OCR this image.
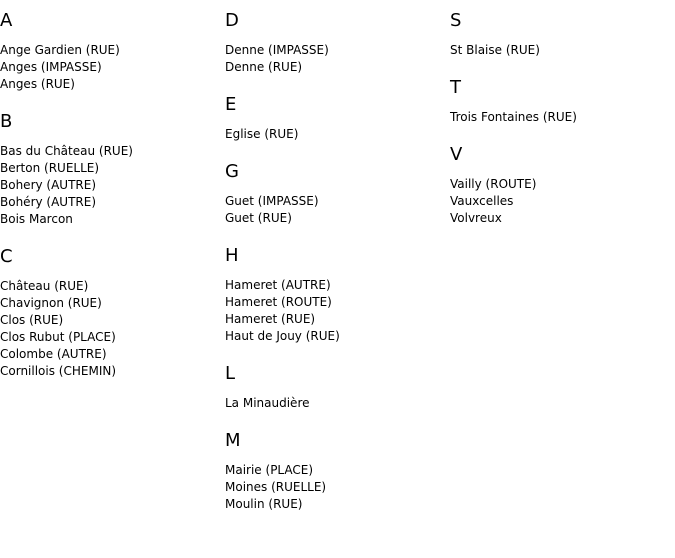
A
Ange Gardien (RUE)
Anges (IMPASSE)
Anges (RUE)
B
Bas du Château (RUE)
Berton (RUELLE)
Bohery (AUTRE)
Bohéry (AUTRE)
Bois Marcon
C
Château (RUE)
Chavignon (RUE)
Clos (RUE)
Clos Rubut (PLACE)
Colombe (AUTRE)
Cornillois (CHEMIN)
D
Denne (IMPASSE)
Denne (RUE)
E
Eglise (RUE)
G
Guet (IMPASSE)
Guet (RUE)
H
Hameret (AUTRE)
Hameret (ROUTE)
Hameret (RUE)
Haut de Jouy (RUE)
L
La Minaudière
M
Mairie (PLACE)
Moines (RUELLE)
Moulin (RUE)
S
St Blaise (RUE)
T
Trois Fontaines (RUE)
V
Vailly (ROUTE)
Vauxcelles
Volvreux
